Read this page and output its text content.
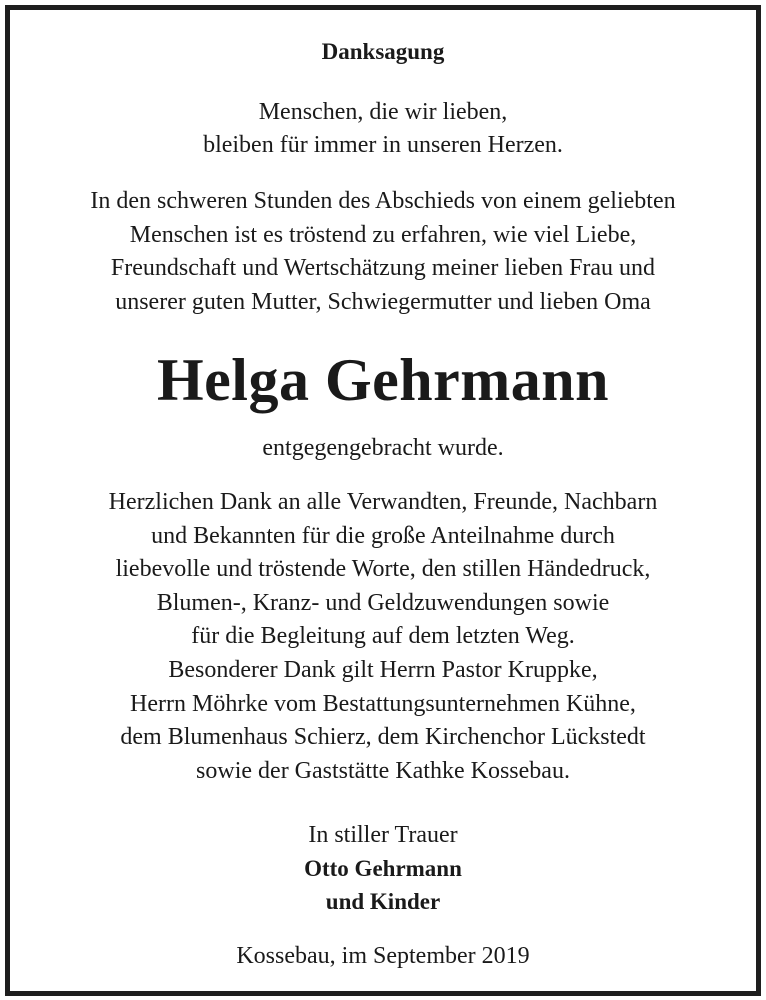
Danksagung
Menschen, die wir lieben,
bleiben für immer in unseren Herzen.
In den schweren Stunden des Abschieds von einem geliebten
Menschen ist es tröstend zu erfahren, wie viel Liebe,
Freundschaft und Wertschätzung meiner lieben Frau und
unserer guten Mutter, Schwiegermutter und lieben Oma
Helga Gehrmann
entgegengebracht wurde.
Herzlichen Dank an alle Verwandten, Freunde, Nachbarn
und Bekannten für die große Anteilnahme durch
liebevolle und tröstende Worte, den stillen Händedruck,
Blumen-, Kranz- und Geldzuwendungen sowie
für die Begleitung auf dem letzten Weg.
Besonderer Dank gilt Herrn Pastor Kruppke,
Herrn Möhrke vom Bestattungsunternehmen Kühne,
dem Blumenhaus Schierz, dem Kirchenchor Lückstedt
sowie der Gaststätte Kathke Kossebau.
In stiller Trauer
Otto Gehrmann
und Kinder
Kossebau, im September 2019
